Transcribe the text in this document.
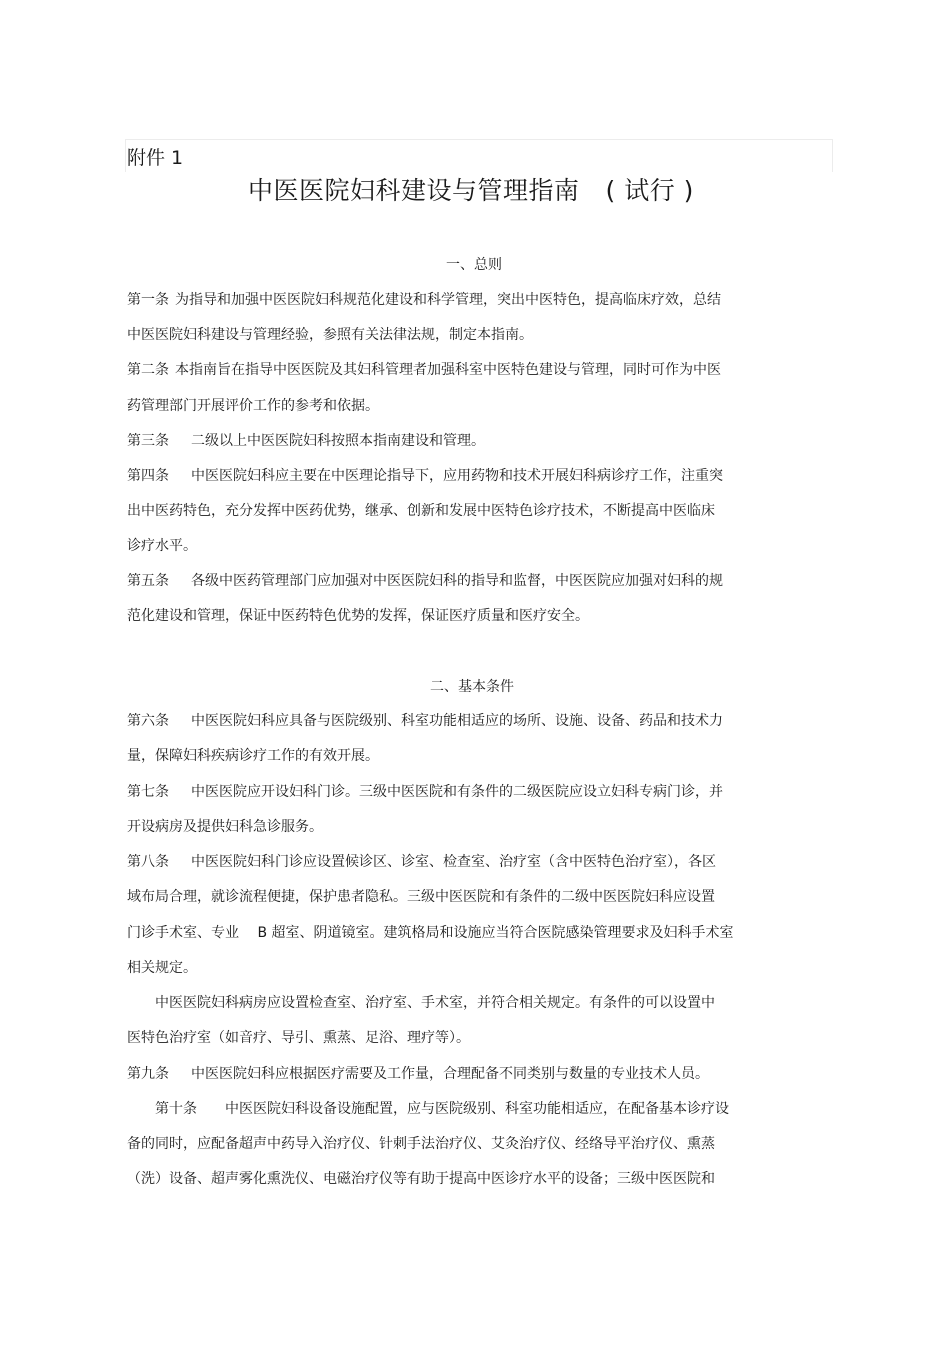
附件 1
中医医院妇科建设与管理指南 ( 试行 )
一、总则
第一条 为指导和加强中医医院妇科规范化建设和科学管理，突出中医特色，提高临床疗效，总结
中医医院妇科建设与管理经验，参照有关法律法规，制定本指南。
第二条 本指南旨在指导中医医院及其妇科管理者加强科室中医特色建设与管理，同时可作为中医
药管理部门开展评价工作的参考和依据。
第三条 二级以上中医医院妇科按照本指南建设和管理。
第四条 中医医院妇科应主要在中医理论指导下，应用药物和技术开展妇科病诊疗工作，注重突
出中医药特色，充分发挥中医药优势，继承、创新和发展中医特色诊疗技术，不断提高中医临床
诊疗水平。
第五条 各级中医药管理部门应加强对中医医院妇科的指导和监督，中医医院应加强对妇科的规
范化建设和管理，保证中医药特色优势的发挥，保证医疗质量和医疗安全。
二、基本条件
第六条 中医医院妇科应具备与医院级别、科室功能相适应的场所、设施、设备、药品和技术力
量，保障妇科疾病诊疗工作的有效开展。
第七条 中医医院应开设妇科门诊。三级中医医院和有条件的二级医院应设立妇科专病门诊，并
开设病房及提供妇科急诊服务。
第八条 中医医院妇科门诊应设置候诊区、诊室、检查室、治疗室（含中医特色治疗室），各区
域布局合理，就诊流程便捷，保护患者隐私。三级中医医院和有条件的二级中医医院妇科应设置
门诊手术室、专业　 B 超室、阴道镜室。建筑格局和设施应当符合医院感染管理要求及妇科手术室
相关规定。
　　中医医院妇科病房应设置检查室、治疗室、手术室，并符合相关规定。有条件的可以设置中
医特色治疗室（如音疗、导引、熏蒸、足浴、理疗等）。
第九条 中医医院妇科应根据医疗需要及工作量，合理配备不同类别与数量的专业技术人员。
　　第十条　　中医医院妇科设备设施配置，应与医院级别、科室功能相适应，在配备基本诊疗设
备的同时，应配备超声中药导入治疗仪、针刺手法治疗仪、艾灸治疗仪、经络导平治疗仪、熏蒸
（洗）设备、超声雾化熏洗仪、电磁治疗仪等有助于提高中医诊疗水平的设备；三级中医医院和
